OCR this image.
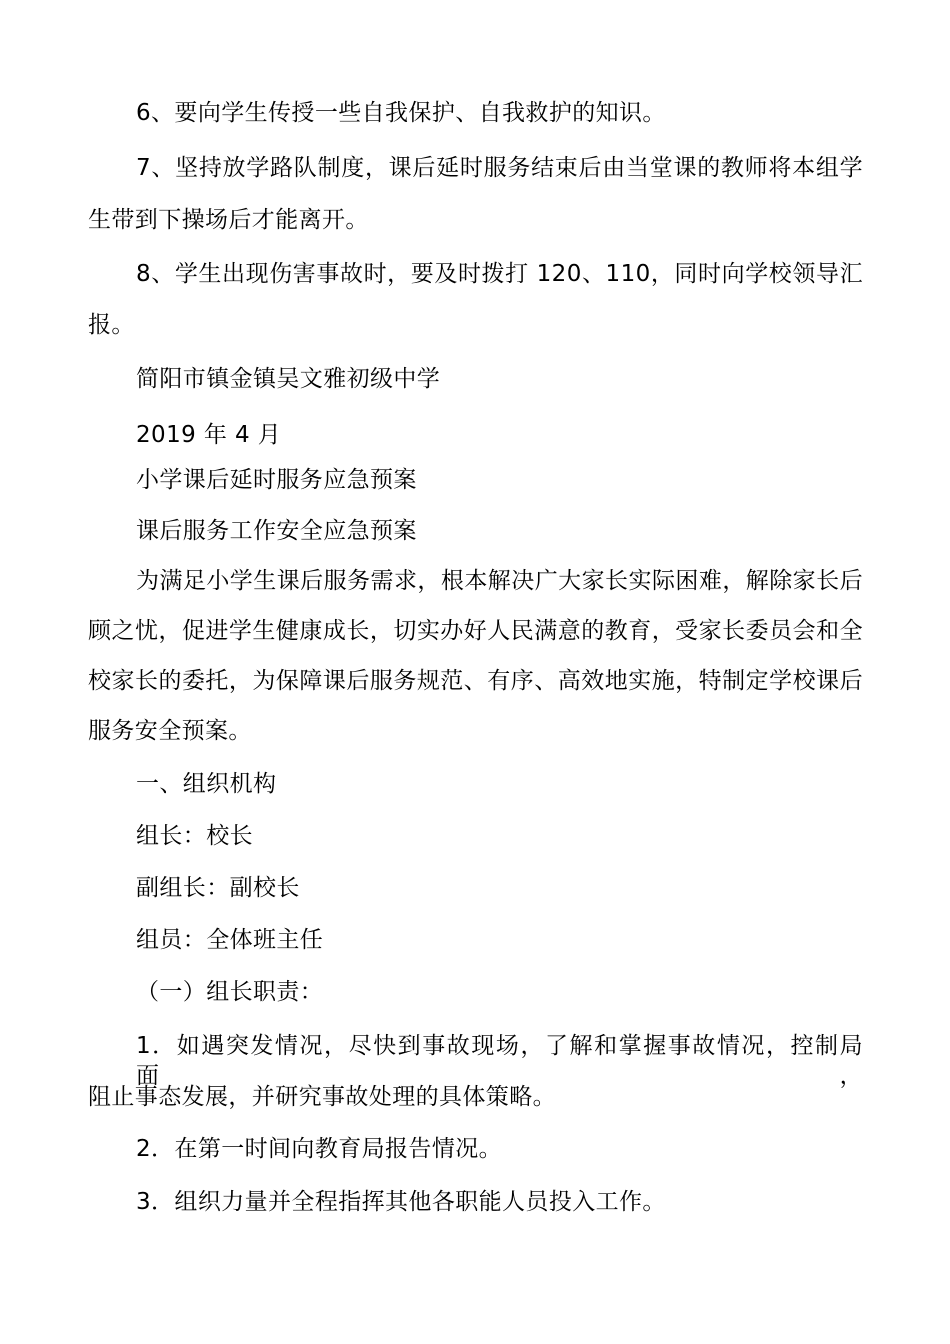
6、要向学生传授一些自我保护、自我救护的知识。
7、坚持放学路队制度，课后延时服务结束后由当堂课的教师将本组学
生带到下操场后才能离开。
8、学生出现伤害事故时，要及时拨打 120、110，同时向学校领导汇
报。
简阳市镇金镇吴文雅初级中学
2019 年 4 月
小学课后延时服务应急预案
课后服务工作安全应急预案
为满足小学生课后服务需求，根本解决广大家长实际困难，解除家长后
顾之忧，促进学生健康成长，切实办好人民满意的教育，受家长委员会和全
校家长的委托，为保障课后服务规范、有序、高效地实施，特制定学校课后
服务安全预案。
一、组织机构
组长：校长
副组长：副校长
组员：全体班主任
（一）组长职责：
1．如遇突发情况，尽快到事故现场，了解和掌握事故情况，控制局面，
阻止事态发展，并研究事故处理的具体策略。
2．在第一时间向教育局报告情况。
3．组织力量并全程指挥其他各职能人员投入工作。
